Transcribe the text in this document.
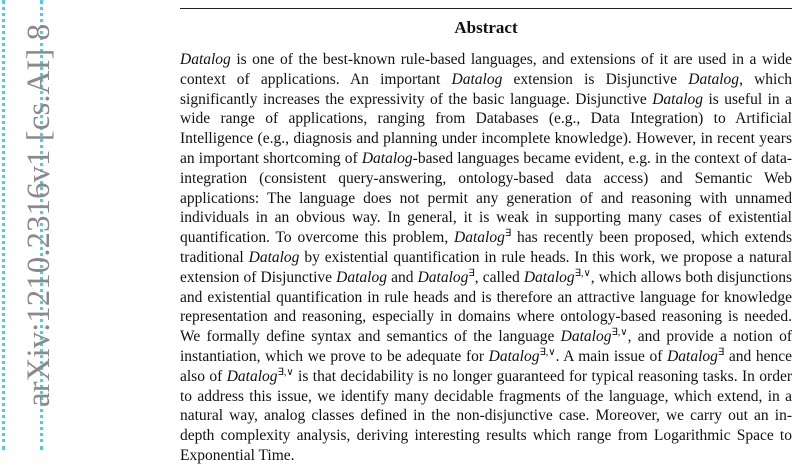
arXiv:1210.2316v1 [cs.AI] 8	Abstract

Datalog is one of the best-known rule-based languages, and extensions of it are used in a wide context of applications. An important Datalog extension is Disjunctive Datalog, which significantly increases the expressivity of the basic language. Disjunctive Datalog is useful in a wide range of applications, ranging from Databases (e.g., Data Integration) to Artificial Intelligence (e.g., diagnosis and planning under incomplete knowledge). However, in recent years an important shortcoming of Datalog-based languages became evident, e.g. in the context of data-integration (consistent query-answering, ontology-based data access) and Semantic Web applications: The language does not permit any generation of and reasoning with unnamed individuals in an obvious way. In general, it is weak in supporting many cases of existential quantification. To overcome this problem, Datalog∃ has recently been proposed, which extends traditional Datalog by existential quantification in rule heads. In this work, we propose a natural extension of Disjunctive Datalog and Datalog∃, called Datalog∃,∨, which allows both disjunctions and existential quantification in rule heads and is therefore an attractive language for knowledge representation and reasoning, especially in domains where ontology-based reasoning is needed. We formally define syntax and semantics of the language Datalog∃,∨, and provide a notion of instantiation, which we prove to be adequate for Datalog∃,∨. A main issue of Datalog∃ and hence also of Datalog∃,∨ is that decidability is no longer guaranteed for typical reasoning tasks. In order to address this issue, we identify many decidable fragments of the language, which extend, in a natural way, analog classes defined in the non-disjunctive case. Moreover, we carry out an in-depth complexity analysis, deriving interesting results which range from Logarithmic Space to Exponential Time.
